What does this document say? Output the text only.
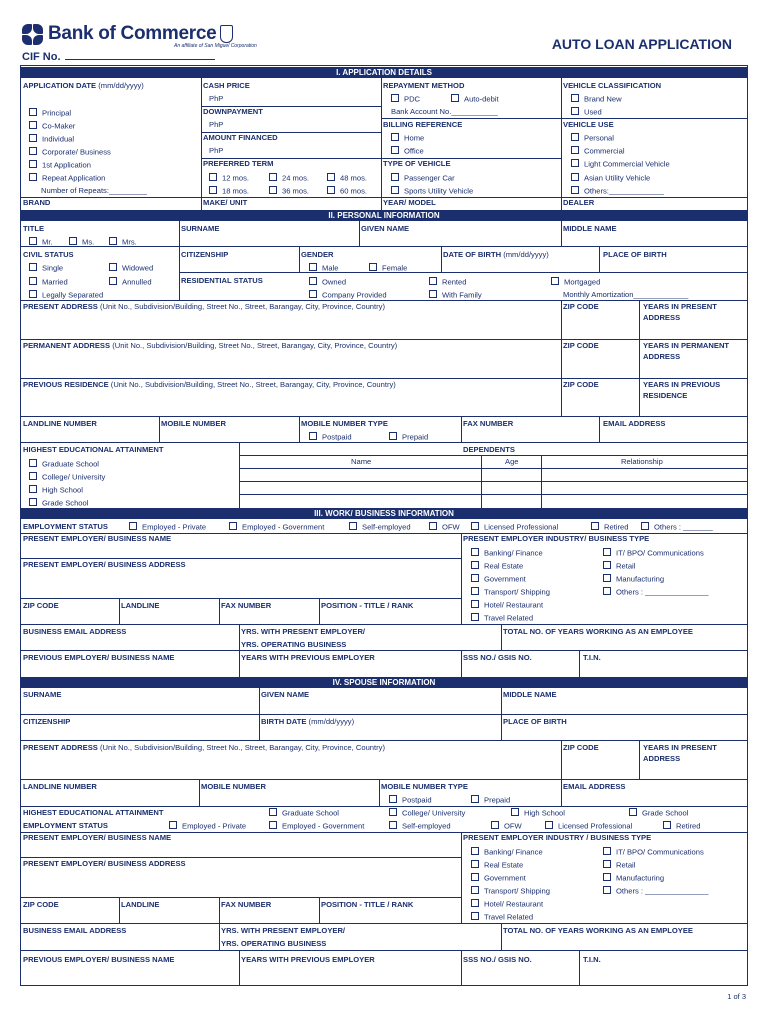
Bank of Commerce
An affiliate of San Miguel Corporation	AUTO LOAN APPLICATION
CIF No.
I. APPLICATION DETAILS
APPLICATION DATE (mm/dd/yyyy)
Principal
Co-Maker
Individual
Corporate/ Business
1st Application
Repeat Application
Number of Repeats:_________
CASH PRICE
PhP
DOWNPAYMENT
PhP
AMOUNT FINANCED
PhP
PREFERRED TERM
12 mos.	24 mos.	48 mos.
18 mos.	36 mos.	60 mos.
REPAYMENT METHOD
PDC	Auto-debit
Bank Account No.___________
BILLING REFERENCE
Home
Office
TYPE OF VEHICLE
Passenger Car
Sports Utility Vehicle
VEHICLE CLASSIFICATION
Brand New
Used
VEHICLE USE
Personal
Commercial
Light Commercial Vehicle
Asian Utility Vehicle
Others:_____________
BRAND	MAKE/ UNIT	YEAR/ MODEL	DEALER
II. PERSONAL INFORMATION
TITLE
Mr.	Ms.	Mrs.
SURNAME	GIVEN NAME	MIDDLE NAME
CIVIL STATUS
Single	Widowed
Married	Annulled
Legally Separated
CITIZENSHIP	GENDER
Male	Female
DATE OF BIRTH (mm/dd/yyyy)	PLACE OF BIRTH
RESIDENTIAL STATUS	Owned
Company Provided
Rented
With Family
Mortgaged
Monthly Amortization_____________
PRESENT ADDRESS (Unit No., Subdivision/Building, Street No., Street, Barangay, City, Province, Country)	ZIP CODE	YEARS IN PRESENT
ADDRESS
PERMANENT ADDRESS (Unit No., Subdivision/Building, Street No., Street, Barangay, City, Province, Country)	ZIP CODE	YEARS IN PERMANENT
ADDRESS
PREVIOUS RESIDENCE (Unit No., Subdivision/Building, Street No., Street, Barangay, City, Province, Country)	ZIP CODE	YEARS IN PREVIOUS
RESIDENCE
LANDLINE NUMBER	MOBILE NUMBER	MOBILE NUMBER TYPE
Postpaid	Prepaid
FAX NUMBER	EMAIL ADDRESS
HIGHEST EDUCATIONAL ATTAINMENT
Graduate School
College/ University
High School
Grade School
DEPENDENTS
Name	Age	Relationship
III. WORK/ BUSINESS INFORMATION
EMPLOYMENT STATUS	Employed - Private	Employed - Government	Self-employed	OFW	Licensed Professional	Retired	Others : _______
PRESENT EMPLOYER/ BUSINESS NAME	PRESENT EMPLOYER INDUSTRY/ BUSINESS TYPE
Banking/ Finance
Real Estate
Government
Transport/ Shipping
Hotel/ Restaurant
Travel Related
IT/ BPO/ Communications
Retail
Manufacturing
Others : _______________
PRESENT EMPLOYER/ BUSINESS ADDRESS
ZIP CODE	LANDLINE	FAX NUMBER	POSITION - TITLE / RANK
BUSINESS EMAIL ADDRESS	YRS. WITH PRESENT EMPLOYER/
YRS. OPERATING BUSINESS
TOTAL NO. OF YEARS WORKING AS AN EMPLOYEE
PREVIOUS EMPLOYER/ BUSINESS NAME	YEARS WITH PREVIOUS EMPLOYER	SSS NO./ GSIS NO.	T.I.N.
IV. SPOUSE INFORMATION
SURNAME	GIVEN NAME	MIDDLE NAME
CITIZENSHIP	BIRTH DATE (mm/dd/yyyy)	PLACE OF BIRTH
PRESENT ADDRESS (Unit No., Subdivision/Building, Street No., Street, Barangay, City, Province, Country)	ZIP CODE	YEARS IN PRESENT
ADDRESS
LANDLINE NUMBER	MOBILE NUMBER	MOBILE NUMBER TYPE
Postpaid	Prepaid
EMAIL ADDRESS
HIGHEST EDUCATIONAL ATTAINMENT	Graduate School	College/ University	High School	Grade School
EMPLOYMENT STATUS	Employed - Private	Employed - Government	Self-employed	OFW	Licensed Professional	Retired
PRESENT EMPLOYER/ BUSINESS NAME	PRESENT EMPLOYER INDUSTRY / BUSINESS TYPE
Banking/ Finance
Real Estate
Government
Transport/ Shipping
Hotel/ Restaurant
Travel Related
IT/ BPO/ Communications
Retail
Manufacturing
Others : _______________
PRESENT EMPLOYER/ BUSINESS ADDRESS
ZIP CODE	LANDLINE	FAX NUMBER	POSITION - TITLE / RANK
BUSINESS EMAIL ADDRESS	YRS. WITH PRESENT EMPLOYER/
YRS. OPERATING BUSINESS
TOTAL NO. OF YEARS WORKING AS AN EMPLOYEE
PREVIOUS EMPLOYER/ BUSINESS NAME	YEARS WITH PREVIOUS EMPLOYER	SSS NO./ GSIS NO.	T.I.N.
1 of 3
